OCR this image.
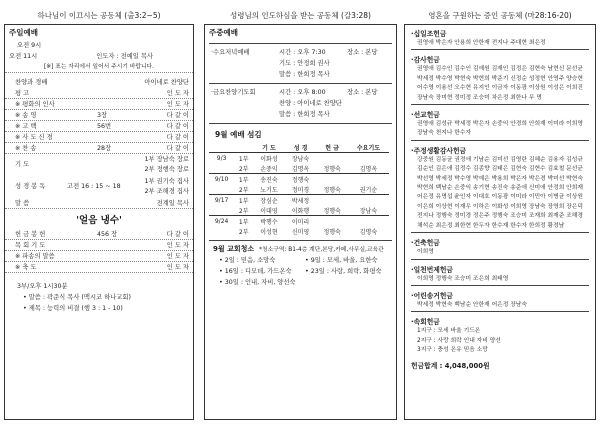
하나님이 이끄시는 공동체 (출3:2~5)	성령님의 인도하심을 받는 공동체 (갈3:28)	영혼을 구원하는 증인 공동체 (마28:16-20)
주일예배
오전 9시
오전 11시	인도자 : 전예일 목사
[※] 표는 자리에서 일어서 주시기 바랍니다.
찬양과 경배	아이네로 찬양단
평 고	인 도 자
※ 평화의 인사	인 도 자
※ 송 영	3장	다 같 이
※ 고 백	56번	다 같 이
※ 사 도 신 경	다 같 이
※ 찬 송	28장	다 같 이
기 도
1부 장남숙 장로
2부 정행숙 장로
성 경 봉 독	고전 16 : 15 ~ 18
1부 권기숙 집사
2부 조해경 집사
말 씀	전계일 목사
'얼음 냉수'
헌 금 봉 헌	456 장	다 같 이
목 회 기 도	인 도 자
※ 파송의 말씀	인 도 자
※ 축 도	인 도 자
3부/오후 1시30분
• 말씀 : 곽준식 목사 (맥시코 하나교회)
• 제목 : 능력의 비결 (행 3 : 1 - 10)
주중예배
·수요저녁예배	시간 : 오후 7:30	장소 : 본당
기도 : 안정희 권사
말씀 : 한희정 목사
·금요찬양기도회	시간 : 오후 8:00	장소 : 본당
찬양 : 아이네로 찬양단
말씀 : 한희정 목사
9월 예배 섬김
		기 도	성 경	헌 금	수요기도
9/3	1부	이화성	장남숙		
	2부	손중익	김명옥	정행숙	김명옥
9/10	1부	송진숙	정행숙		
	2부	노기도	정미경	정행숙	권기순
9/17	1부	장심순	박세정		
	2부	이대영	이화행	정행숙	장남숙
9/24	1부	박행수	이미리		
	2부	이성현	신미영	정행숙	김명숙
9월 교회청소 *청소구역: B1-4층 계단,본당,카페,사무실,교육관
• 2일 : 믿음, 소망숙	• 9일 : 모세, 바울, 요한숙
• 16일 : 디모데, 가드온숙	• 23일 : 사랑, 희락, 화평숙
• 30일 : 인내, 자비, 양선숙
·십일조헌금
권영애 박은자 안용희 안한재 전지나 주대현 최은정
·감사헌금
권영애 김수인 김수인 김예원 김재인 김정은 김현숙 남현신 문선균 박세정 박수영 박현숙 박현희 박준기 신정순 성정현 안영주 양승현 어수영 이용선 오수현 유지인 이금자 이동광 이상원 이성은 이희진 장남숙 장미현 정미정 조승미 차은정 최한나 무 명
·선교헌금
권영애 김성규 박세정 박은자 손중익 안경희 안희재 이미라 이희영 장남숙 천지나 한수자
·주정생활감사헌금
강중원 김동균 권정애 기남순 김미선 김영란 김혜순 김용자 김성규 김순인 김은애 김정수 김종향 김태은 김현숙 김현수 김효철 문선균 박선영 박세정 박수영 박예은 박용희 박은자 박은경 박미선 박현숙 박현희 백남순 손중익 송기현 송진숙 송준애 신미애 안정희 안희재 어은정 유명섭 윤인자 이대호 이동광 이미라 이민아 이병균 이상원 이은희 이상현 이재우 이하은 이화성 이희영 장남숙 장영희 장은덕 전지나 정행숙 정미경 정은주 정행숙 조승미 조재희 최재준 조해경 채석순 최은정 최한현 한두자 한수재 한수자 한희정 황정남
·건축헌금
이희영
·일천번제헌금
이희영 정행숙 조승미 조은희 최태영
·어린송거헌금
박세정 박현숙 백남순 안한재 어은정 장남숙
·속회헌금
1지구 : 모세 바울 기드온
2지구 : 사랑 희락 인내 자비 양선
3지구 : 충성 온유 믿음 소망
헌금합계 : 4,048,000원
